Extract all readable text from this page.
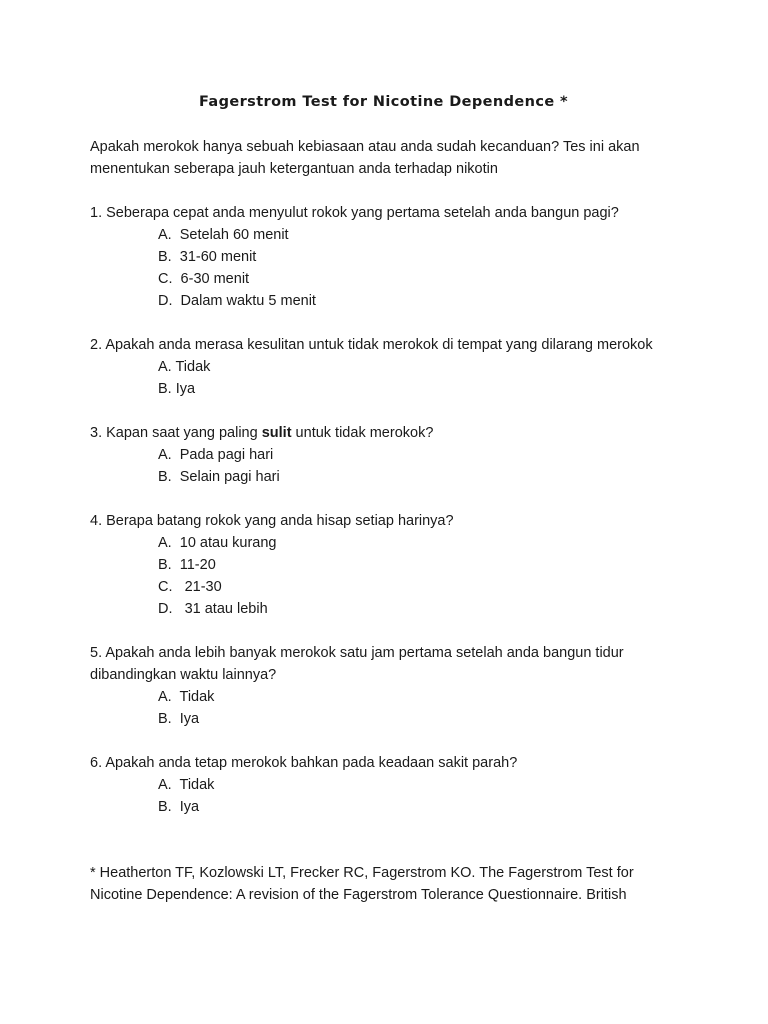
Fagerstrom Test for Nicotine Dependence *

Apakah merokok hanya sebuah kebiasaan atau anda sudah kecanduan? Tes ini akan menentukan seberapa jauh ketergantuan anda terhadap nikotin

1. Seberapa cepat anda menyulut rokok yang pertama setelah anda bangun pagi?
A.  Setelah 60 menit
B.  31-60 menit
C.  6-30 menit
D.  Dalam waktu 5 menit
2. Apakah anda merasa kesulitan untuk tidak merokok di tempat yang dilarang merokok
A. Tidak
B. Iya
3. Kapan saat yang paling sulit untuk tidak merokok?
A.  Pada pagi hari
B.  Selain pagi hari
4. Berapa batang rokok yang anda hisap setiap harinya?
A.  10 atau kurang
B.  11-20
C.   21-30
D.   31 atau lebih
5. Apakah anda lebih banyak merokok satu jam pertama setelah anda bangun tidur dibandingkan waktu lainnya?
A.  Tidak
B.  Iya
6. Apakah anda tetap merokok bahkan pada keadaan sakit parah?
A.  Tidak
B.  Iya

* Heatherton TF, Kozlowski LT, Frecker RC, Fagerstrom KO. The Fagerstrom Test for Nicotine Dependence: A revision of the Fagerstrom Tolerance Questionnaire. British
